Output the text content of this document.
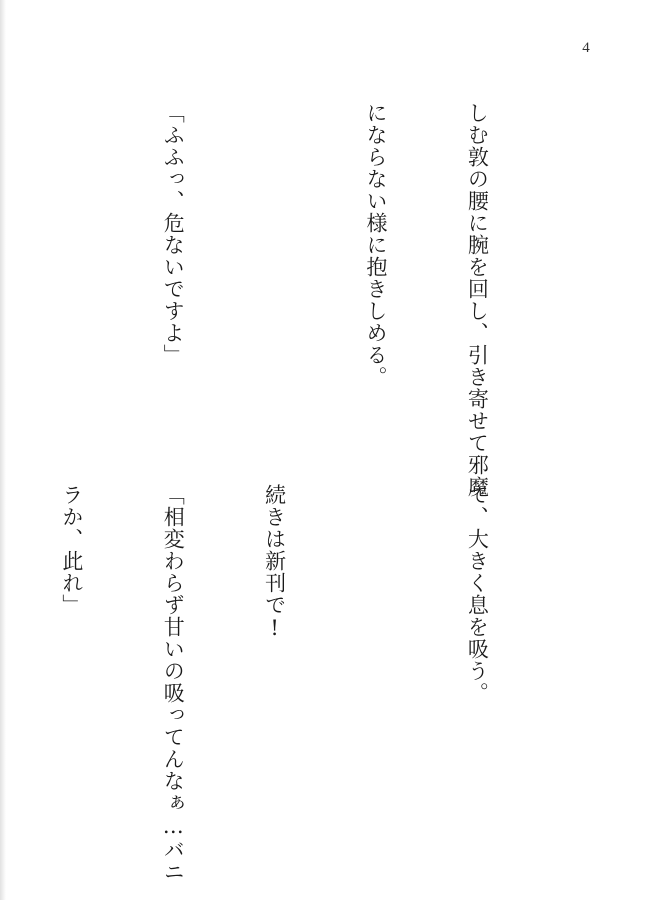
4

しむ敦の腰に腕を回し、引き寄せて邪魔

にならない様に抱きしめる。

「ふふっ、危ないですよ」

て、大きく息を吸う。

続きは新刊で!

「相変わらず甘いの吸ってんなぁ…バニ

ラか、此れ」
